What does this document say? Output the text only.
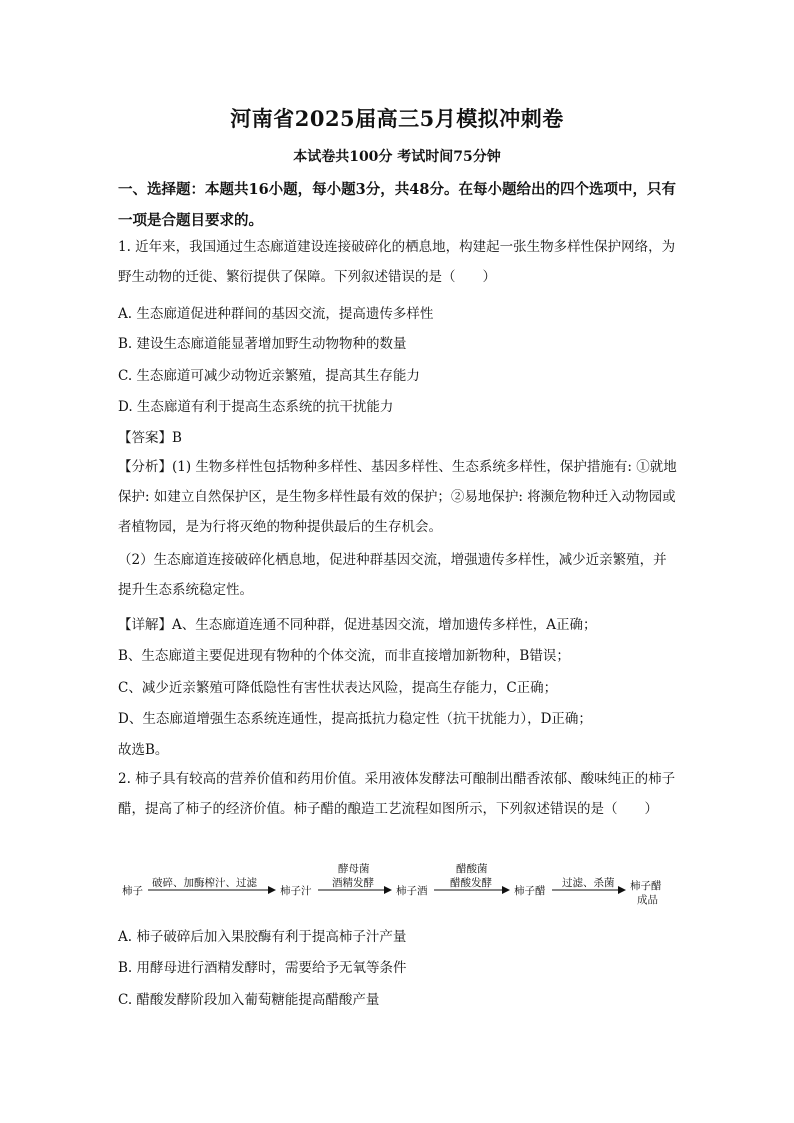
河南省2025届高三5月模拟冲刺卷
本试卷共100分 考试时间75分钟
一、选择题：本题共16小题，每小题3分，共48分。在每小题给出的四个选项中，只有一项是合题目要求的。
1. 近年来，我国通过生态廊道建设连接破碎化的栖息地，构建起一张生物多样性保护网络，为野生动物的迁徙、繁衍提供了保障。下列叙述错误的是（　　）
A. 生态廊道促进种群间的基因交流，提高遗传多样性
B. 建设生态廊道能显著增加野生动物物种的数量
C. 生态廊道可减少动物近亲繁殖，提高其生存能力
D. 生态廊道有利于提高生态系统的抗干扰能力
【答案】B
【分析】(1) 生物多样性包括物种多样性、基因多样性、生态系统多样性，保护措施有: ①就地保护: 如建立自然保护区，是生物多样性最有效的保护；②易地保护: 将濒危物种迁入动物园或者植物园，是为行将灭绝的物种提供最后的生存机会。
（2）生态廊道连接破碎化栖息地，促进种群基因交流，增强遗传多样性，减少近亲繁殖，并提升生态系统稳定性。
【详解】A、生态廊道连通不同种群，促进基因交流，增加遗传多样性，A正确；
B、生态廊道主要促进现有物种的个体交流，而非直接增加新物种，B错误；
C、减少近亲繁殖可降低隐性有害性状表达风险，提高生存能力，C正确；
D、生态廊道增强生态系统连通性，提高抵抗力稳定性（抗干扰能力），D正确；
故选B。
2. 柿子具有较高的营养价值和药用价值。采用液体发酵法可酿制出醋香浓郁、酸味纯正的柿子醋，提高了柿子的经济价值。柿子醋的酿造工艺流程如图所示，下列叙述错误的是（　　）
柿子	柿子汁	柿子酒	柿子醋	柿子醋
成品
破碎、加酶榨汁、过滤
酵母菌
酒精发酵
醋酸菌
醋酸发酵	过滤、杀菌
A. 柿子破碎后加入果胶酶有利于提高柿子汁产量
B. 用酵母进行酒精发酵时，需要给予无氧等条件
C. 醋酸发酵阶段加入葡萄糖能提高醋酸产量
